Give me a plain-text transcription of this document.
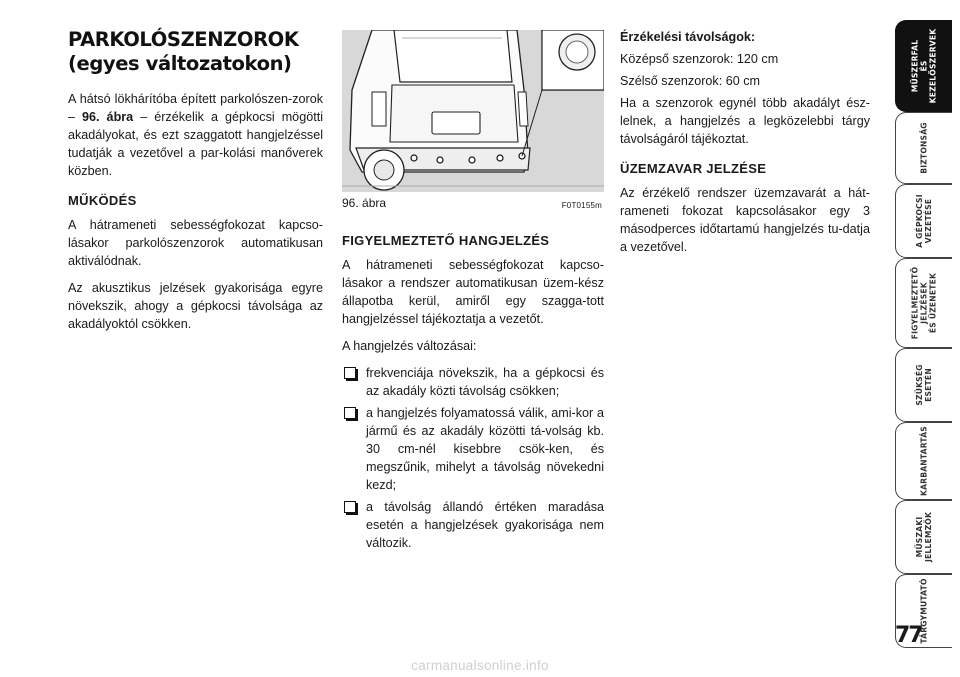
PARKOLÓSZENZOROK
(egyes változatokon)

A hátsó lökhárítóba épített parkolószen-zorok – 96. ábra – érzékelik a gépkocsi mögötti akadályokat, és ezt szaggatott hangjelzéssel tudatják a vezetővel a par-kolási manőverek közben.

MŰKÖDÉS

A hátrameneti sebességfokozat kapcso-lásakor parkolószenzorok automatikusan aktiválódnak.

Az akusztikus jelzések gyakorisága egyre növekszik, ahogy a gépkocsi távolsága az akadályoktól csökken.

96. ábra	F0T0155m
FIGYELMEZTETŐ HANGJELZÉS

A hátrameneti sebességfokozat kapcso-lásakor a rendszer automatikusan üzem-kész állapotba kerül, amiről egy szagga-tott hangjelzéssel tájékoztatja a vezetőt.

A hangjelzés változásai:

frekvenciája növekszik, ha a gépkocsi és az akadály közti távolság csökken;
a hangjelzés folyamatossá válik, ami-kor a jármű és az akadály közötti tá-volság kb. 30 cm-nél kisebbre csök-ken, és megszűnik, mihelyt a távolság növekedni kezd;
a távolság állandó értéken maradása esetén a hangjelzések gyakorisága nem változik.
Érzékelési távolságok:
Középső szenzorok: 120 cm
Szélső szenzorok: 60 cm

Ha a szenzorok egynél több akadályt ész-lelnek, a hangjelzés a legközelebbi tárgy távolságáról tájékoztat.

ÜZEMZAVAR JELZÉSE

Az érzékelő rendszer üzemzavarát a hát-rameneti fokozat kapcsolásakor egy 3 másodperces időtartamú hangjelzés tu-datja a vezetővel.

MŰSZERFAL ÉS KEZELŐSZERVEK
BIZTONSÁG
A GÉPKOCSI VEZETÉSE
FIGYELMEZTETŐ JELZÉSEK ÉS ÜZENETEK
SZÜKSÉG ESETÉN
KARBANTARTÁS
MŰSZAKI JELLEMZŐK
TÁRGYMUTATÓ
77
carmanualsonline.info
